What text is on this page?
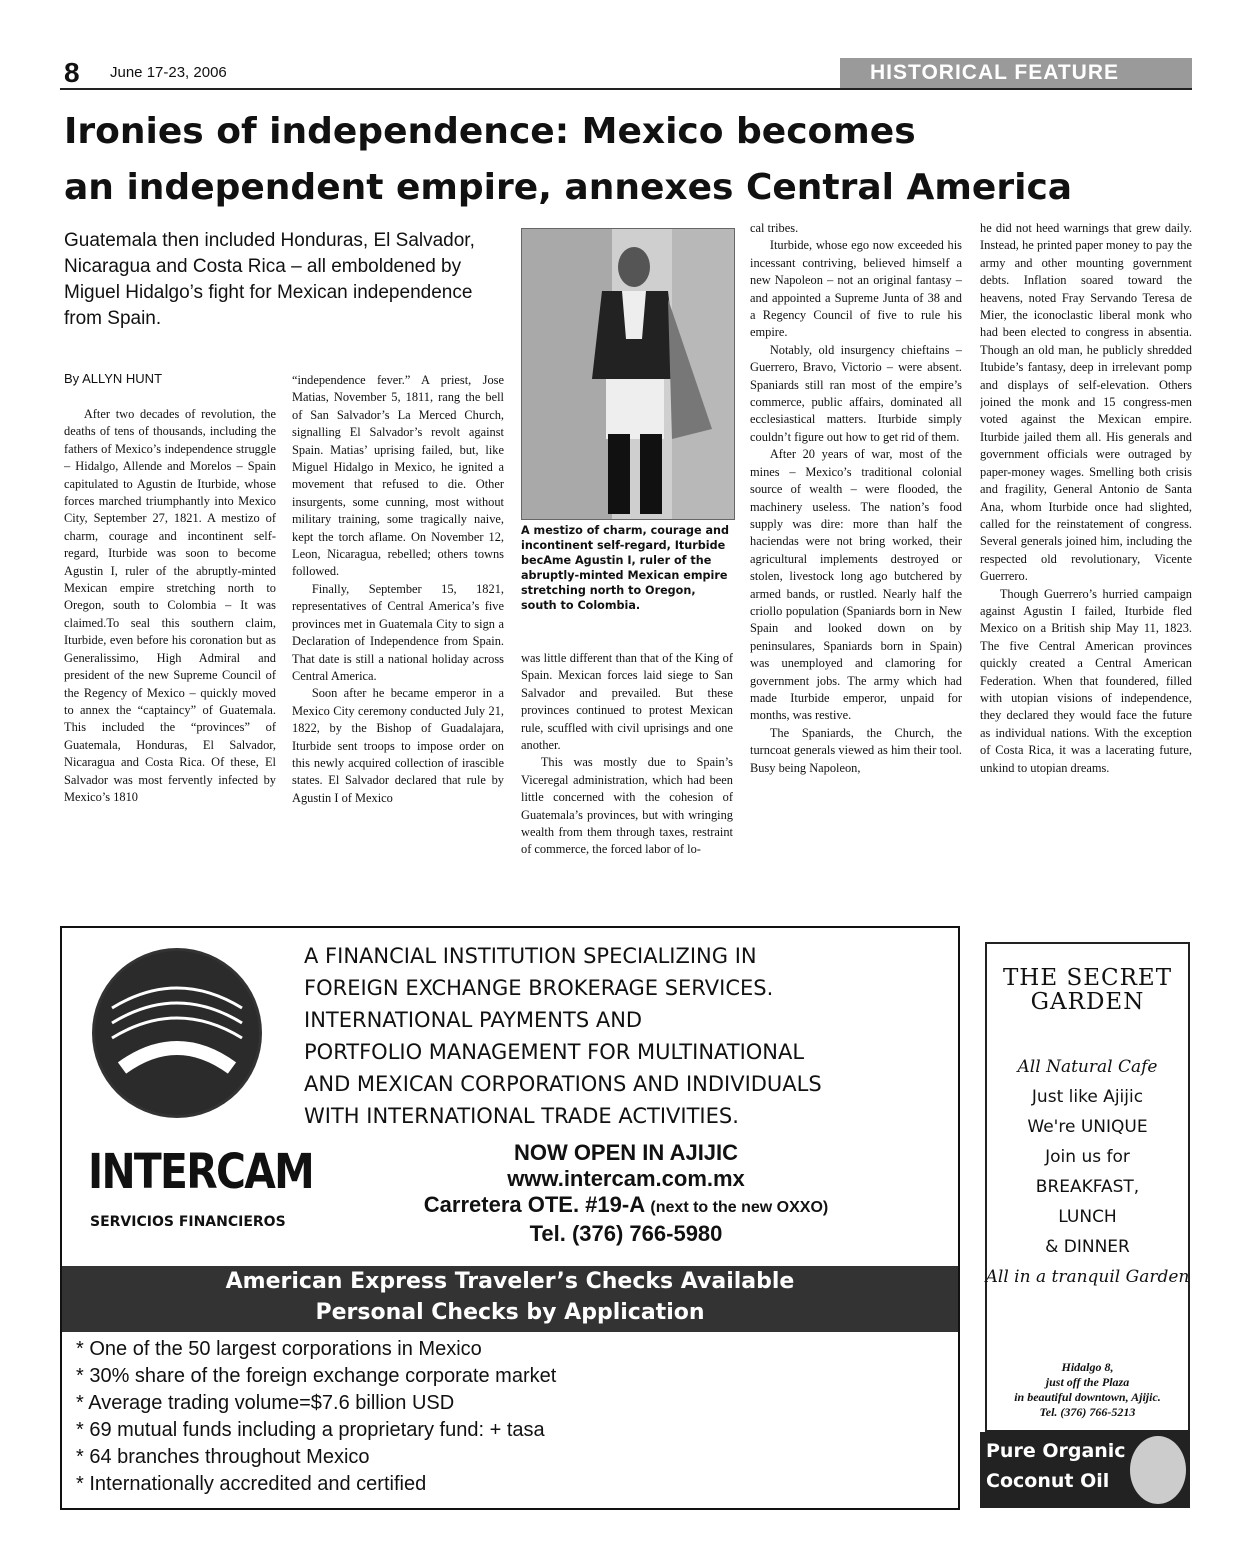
8 June 17-23, 2006	HISTORICAL FEATURE
Ironies of independence: Mexico becomes
an independent empire, annexes Central America
Guatemala then included Honduras, El Salvador, Nicaragua and Costa Rica – all emboldened by Miguel Hidalgo’s fight for Mexican independence from Spain.
By ALLYN HUNT

After two decades of revolution, the deaths of tens of thousands, including the fathers of Mexico’s independence struggle – Hidalgo, Allende and Morelos – Spain capitulated to Agustin de Iturbide, whose forces marched triumphantly into Mexico City, September 27, 1821. A mestizo of charm, courage and incontinent self-regard, Iturbide was soon to become Agustin I, ruler of the abruptly-minted Mexican empire stretching north to Oregon, south to Colombia – It was claimed.To seal this southern claim, Iturbide, even before his coronation but as Generalissimo, High Admiral and president of the new Supreme Council of the Regency of Mexico – quickly moved to annex the “captaincy” of Guatemala. This included the “provinces” of Guatemala, Honduras, El Salvador, Nicaragua and Costa Rica. Of these, El Salvador was most fervently infected by Mexico’s 1810

“independence fever.” A priest, Jose Matias, November 5, 1811, rang the bell of San Salvador’s La Merced Church, signalling El Salvador’s revolt against Spain. Matias’ uprising failed, but, like Miguel Hidalgo in Mexico, he ignited a movement that refused to die. Other insurgents, some cunning, most without military training, some tragically naive, kept the torch aflame. On November 12, Leon, Nicaragua, rebelled; others towns followed.

Finally, September 15, 1821, representatives of Central America’s five provinces met in Guatemala City to sign a Declaration of Independence from Spain. That date is still a national holiday across Central America.

Soon after he became emperor in a Mexico City ceremony conducted July 21, 1822, by the Bishop of Guadalajara, Iturbide sent troops to impose order on this newly acquired collection of irascible states. El Salvador declared that rule by Agustin I of Mexico

A mestizo of charm, courage and incontinent self-regard, Iturbide becAme Agustin I, ruler of the abruptly-minted Mexican empire stretching north to Oregon, south to Colombia.

was little different than that of the King of Spain. Mexican forces laid siege to San Salvador and prevailed. But these provinces continued to protest Mexican rule, scuffled with civil uprisings and one another.

This was mostly due to Spain’s Viceregal administration, which had been little concerned with the cohesion of Guatemala’s provinces, but with wringing wealth from them through taxes, restraint of commerce, the forced labor of lo-

cal tribes.

Iturbide, whose ego now exceeded his incessant contriving, believed himself a new Napoleon – not an original fantasy – and appointed a Supreme Junta of 38 and a Regency Council of five to rule his empire.

Notably, old insurgency chieftains – Guerrero, Bravo, Victorio – were absent. Spaniards still ran most of the empire’s commerce, public affairs, dominated all ecclesiastical matters. Iturbide simply couldn’t figure out how to get rid of them.

After 20 years of war, most of the mines – Mexico’s traditional colonial source of wealth – were flooded, the machinery useless. The nation’s food supply was dire: more than half the haciendas were not bring worked, their agricultural implements destroyed or stolen, livestock long ago butchered by armed bands, or rustled. Nearly half the criollo population (Spaniards born in New Spain and looked down on by peninsulares, Spaniards born in Spain) was unemployed and clamoring for government jobs. The army which had made Iturbide emperor, unpaid for months, was restive.

The Spaniards, the Church, the turncoat generals viewed as him their tool. Busy being Napoleon,

he did not heed warnings that grew daily. Instead, he printed paper money to pay the army and other mounting government debts. Inflation soared toward the heavens, noted Fray Servando Teresa de Mier, the iconoclastic liberal monk who had been elected to congress in absentia. Though an old man, he publicly shredded Itubide’s fantasy, deep in irrelevant pomp and displays of self-elevation. Others joined the monk and 15 congress-men voted against the Mexican empire. Iturbide jailed them all. His generals and government officials were outraged by paper-money wages. Smelling both crisis and fragility, General Antonio de Santa Ana, whom Iturbide once had slighted, called for the reinstatement of congress. Several generals joined him, including the respected old revolutionary, Vicente Guerrero.

Though Guerrero’s hurried campaign against Agustin I failed, Iturbide fled Mexico on a British ship May 11, 1823. The five Central American provinces quickly created a Central American Federation. When that foundered, filled with utopian visions of independence, they declared they would face the future as individual nations. With the exception of Costa Rica, it was a lacerating future, unkind to utopian dreams.

INTERCAM
SERVICIOS FINANCIEROS
A FINANCIAL INSTITUTION SPECIALIZING IN
FOREIGN EXCHANGE BROKERAGE SERVICES.
INTERNATIONAL PAYMENTS AND
PORTFOLIO MANAGEMENT FOR MULTINATIONAL
AND MEXICAN CORPORATIONS AND INDIVIDUALS
WITH INTERNATIONAL TRADE ACTIVITIES.
NOW OPEN IN AJIJIC
www.intercam.com.mx
Carretera OTE. #19-A (next to the new OXXO)
Tel. (376) 766-5980
American Express Traveler’s Checks Available
Personal Checks by Application
* One of the 50 largest corporations in Mexico
* 30% share of the foreign exchange corporate market
* Average trading volume=$7.6 billion USD
* 69 mutual funds including a proprietary fund: + tasa
* 64 branches throughout Mexico
* Internationally accredited and certified
THE SECRET
GARDEN
All Natural Cafe
Just like Ajijic
We're UNIQUE
Join us for
BREAKFAST,
LUNCH
& DINNER
All in a tranquil Garden
Hidalgo 8,
just off the Plaza
in beautiful downtown, Ajijic.
Tel. (376) 766-5213
Pure Organic
Coconut Oil
